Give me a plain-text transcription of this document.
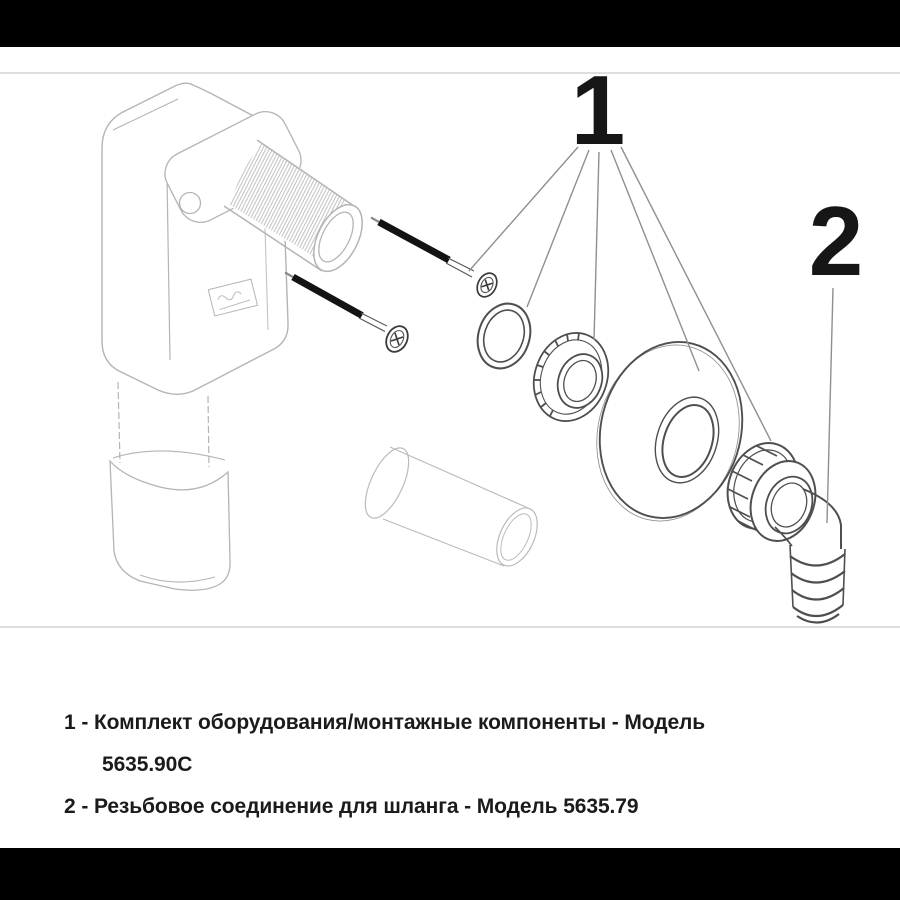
1
2
1 - Комплект оборудования/монтажные компоненты - Модель
5635.90C
2 - Резьбовое соединение для шланга - Модель 5635.79
